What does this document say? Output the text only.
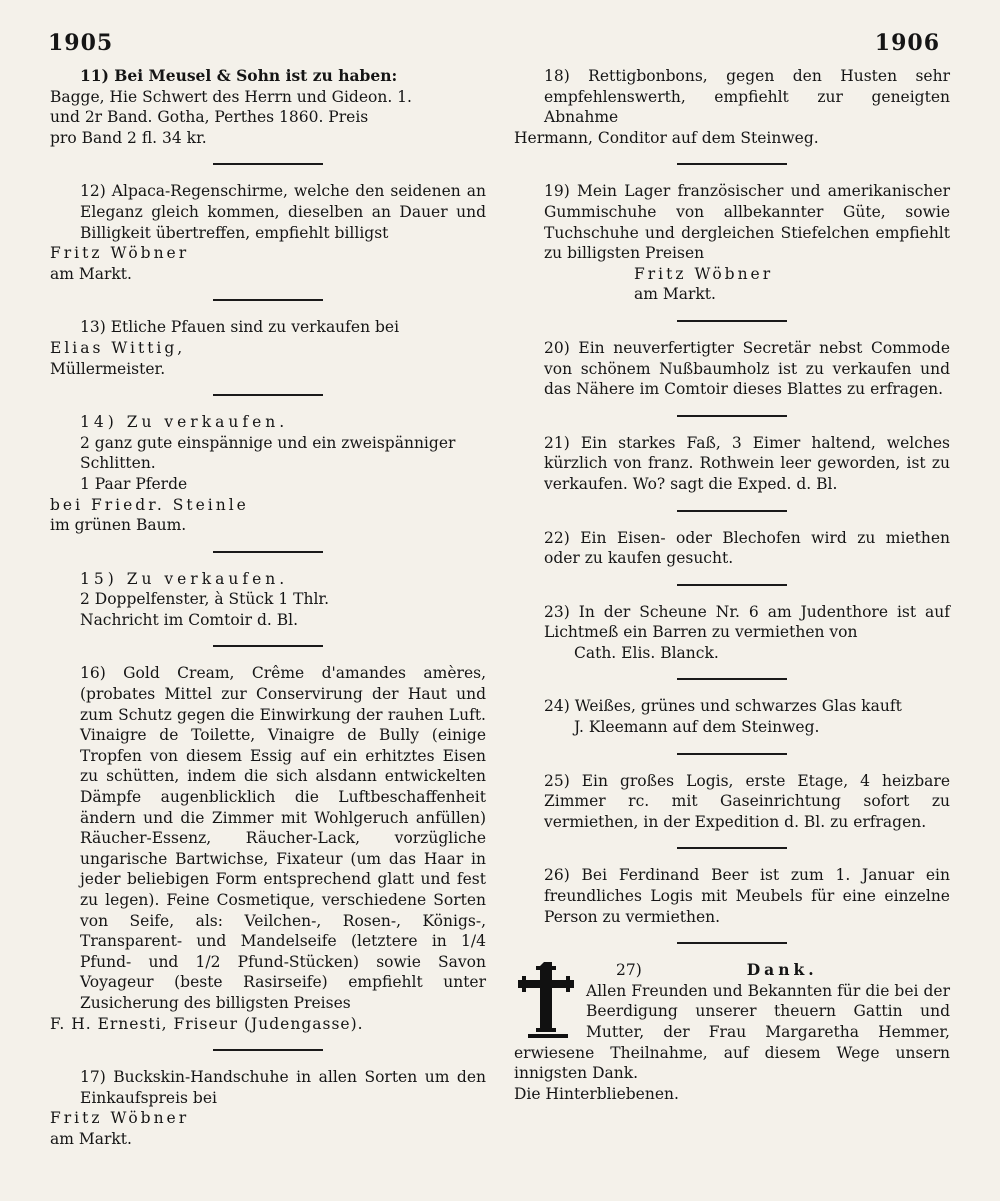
1905	1906

11) Bei Meusel & Sohn ist zu haben:

Bagge, Hie Schwert des Herrn und Gideon. 1.

und 2r Band. Gotha, Perthes 1860. Preis

pro Band 2 fl. 34 kr.

12) Alpaca-Regenschirme, welche den seidenen an Eleganz gleich kommen, dieselben an Dauer und Billigkeit übertreffen, empfiehlt billigst

Fritz Wöbner

am Markt.

13) Etliche Pfauen sind zu verkaufen bei

Elias Wittig,

Müllermeister.

14) Zu verkaufen.

2 ganz gute einspännige und ein zweispänniger

Schlitten.

1 Paar Pferde

bei Friedr. Steinle

im grünen Baum.

15) Zu verkaufen.

2 Doppelfenster, à Stück 1 Thlr.

Nachricht im Comtoir d. Bl.

16) Gold Cream, Crême d'amandes amères, (probates Mittel zur Conservirung der Haut und zum Schutz gegen die Einwirkung der rauhen Luft. Vinaigre de Toilette, Vinaigre de Bully (einige Tropfen von diesem Essig auf ein erhitztes Eisen zu schütten, indem die sich alsdann entwickelten Dämpfe augenblicklich die Luftbeschaffenheit ändern und die Zimmer mit Wohlgeruch anfüllen) Räucher-Essenz, Räucher-Lack, vorzügliche ungarische Bartwichse, Fixateur (um das Haar in jeder beliebigen Form entsprechend glatt und fest zu legen). Feine Cosmetique, verschiedene Sorten von Seife, als: Veilchen-, Rosen-, Königs-, Transparent- und Mandelseife (letztere in 1/4 Pfund- und 1/2 Pfund-Stücken) sowie Savon Voyageur (beste Rasirseife) empfiehlt unter Zusicherung des billigsten Preises

F. H. Ernesti, Friseur (Judengasse).

17) Buckskin-Handschuhe in allen Sorten um den Einkaufspreis bei

Fritz Wöbner

am Markt.

18) Rettigbonbons, gegen den Husten sehr empfehlenswerth, empfiehlt zur geneigten Abnahme

Hermann, Conditor auf dem Steinweg.

19) Mein Lager französischer und amerikanischer Gummischuhe von allbekannter Güte, sowie Tuchschuhe und dergleichen Stiefelchen empfiehlt zu billigsten Preisen

Fritz Wöbner

am Markt.

20) Ein neuverfertigter Secretär nebst Commode von schönem Nußbaumholz ist zu verkaufen und das Nähere im Comtoir dieses Blattes zu erfragen.

21) Ein starkes Faß, 3 Eimer haltend, welches kürzlich von franz. Rothwein leer geworden, ist zu verkaufen. Wo? sagt die Exped. d. Bl.

22) Ein Eisen- oder Blechofen wird zu miethen oder zu kaufen gesucht.

23) In der Scheune Nr. 6 am Judenthore ist auf Lichtmeß ein Barren zu vermiethen von

Cath. Elis. Blanck.

24) Weißes, grünes und schwarzes Glas kauft

J. Kleemann auf dem Steinweg.

25) Ein großes Logis, erste Etage, 4 heizbare Zimmer rc. mit Gaseinrichtung sofort zu vermiethen, in der Expedition d. Bl. zu erfragen.

26) Bei Ferdinand Beer ist zum 1. Januar ein freundliches Logis mit Meubels für eine einzelne Person zu vermiethen.

27)	Dank.

Allen Freunden und Bekannten für die bei der Beerdigung unserer theuern Gattin und Mutter, der Frau Margaretha Hemmer, erwiesene Theilnahme, auf diesem Wege unsern innigsten Dank.

Die Hinterbliebenen.
